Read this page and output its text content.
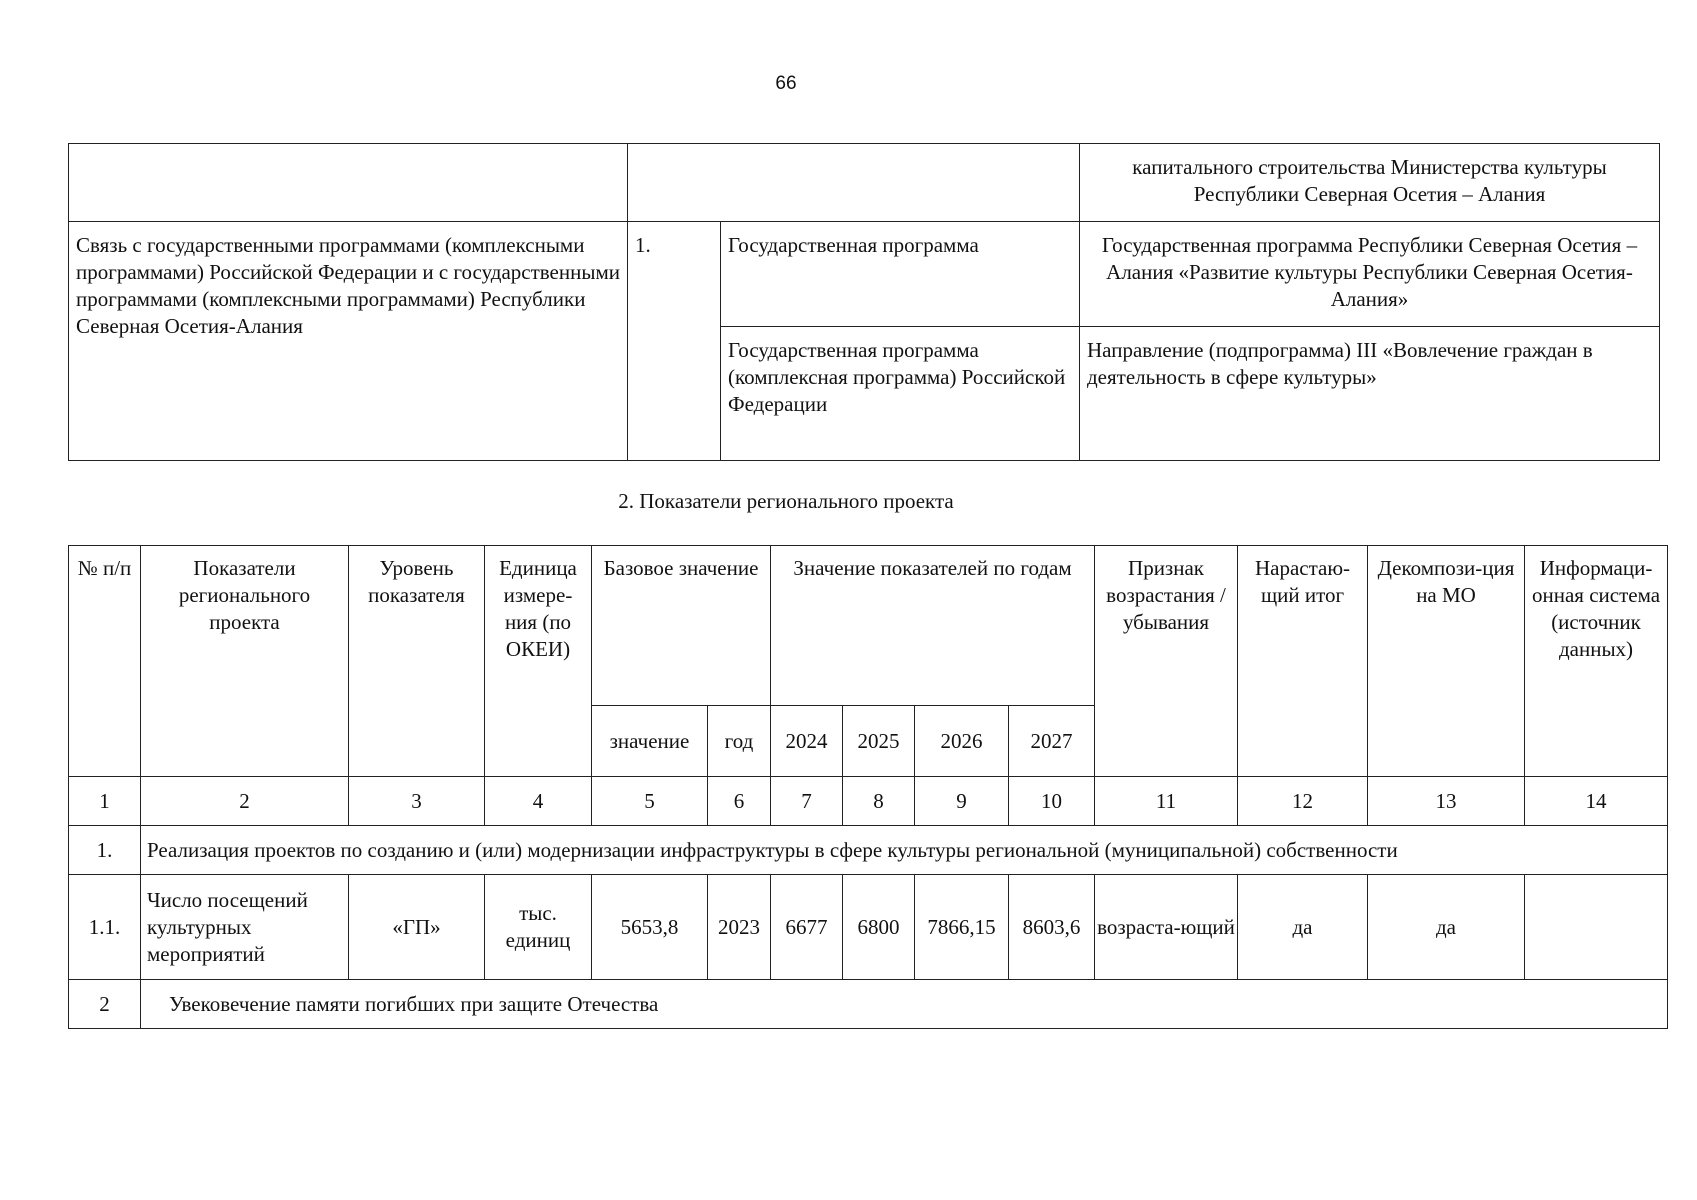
66
			капитального строительства Министерства культуры Республики Северная Осетия – Алания
Связь с государственными программами (комплексными программами) Российской Федерации и с государственными программами (комплексными программами) Республики Северная Осетия-Алания	1.	Государственная программа	Государственная программа Республики Северная Осетия – Алания «Развитие культуры Республики Северная Осетия-Алания»
		Государственная программа (комплексная программа) Российской Федерации	Направление (подпрограмма) III «Вовлечение граждан в деятельность в сфере культуры»
2. Показатели регионального проекта
№ п/п	Показатели регионального проекта	Уровень показателя	Единица измере-ния (по ОКЕИ)	Базовое значение		Значение показателей по годам				Признак возрастания / убывания	Нарастаю-щий итог	Декомпози-ция на МО	Информаци-онная система (источник данных)
				значение	год	2024	2025	2026	2027				
1	2	3	4	5	6	7	8	9	10	11	12	13	14
1.	Реализация проектов по созданию и (или) модернизации инфраструктуры в сфере культуры региональной (муниципальной) собственности												
1.1.	Число посещений культурных мероприятий	«ГП»	тыс. единиц	5653,8	2023	6677	6800	7866,15	8603,6	возраста-ющий	да	да	
2	Увековечение памяти погибших при защите Отечества												
